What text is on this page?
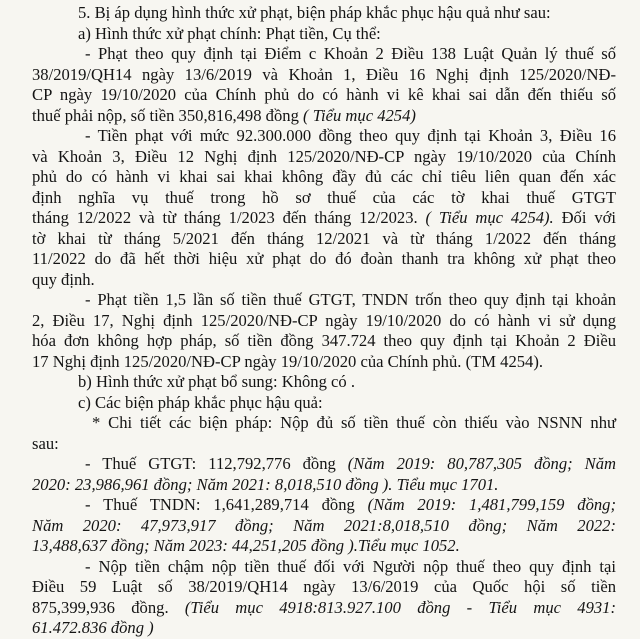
5. Bị áp dụng hình thức xử phạt, biện pháp khắc phục hậu quả như sau:
a) Hình thức xử phạt chính: Phạt tiền, Cụ thể:
- Phạt theo quy định tại Điểm c Khoản 2 Điều 138 Luật Quản lý thuế số
38/2019/QH14 ngày 13/6/2019 và Khoản 1, Điều 16 Nghị định 125/2020/NĐ-
CP ngày 19/10/2020 của Chính phủ do có hành vi kê khai sai dẫn đến thiếu số
thuế phải nộp, số tiền 350,816,498 đồng ( Tiểu mục 4254)
- Tiền phạt với mức 92.300.000 đồng theo quy định tại Khoản 3, Điều 16
và Khoản 3, Điều 12 Nghị định 125/2020/NĐ-CP ngày 19/10/2020 của Chính
phủ do có hành vi khai sai khai không đầy đủ các chỉ tiêu liên quan đến xác
định nghĩa vụ thuế trong hồ sơ thuế của các tờ khai thuế GTGT
tháng 12/2022 và từ tháng 1/2023 đến tháng 12/2023. ( Tiểu mục 4254). Đối với
tờ khai từ tháng 5/2021 đến tháng 12/2021 và từ tháng 1/2022 đến tháng
11/2022 do đã hết thời hiệu xử phạt do đó đoàn thanh tra không xử phạt theo
quy định.
- Phạt tiền 1,5 lần số tiền thuế GTGT, TNDN trốn theo quy định tại khoản
2, Điều 17, Nghị định 125/2020/NĐ-CP ngày 19/10/2020 do có hành vi sử dụng
hóa đơn không hợp pháp, số tiền đồng 347.724 theo quy định tại Khoản 2 Điều
17 Nghị định 125/2020/NĐ-CP ngày 19/10/2020 của Chính phủ. (TM 4254).
b) Hình thức xử phạt bổ sung: Không có .
c) Các biện pháp khắc phục hậu quả:
* Chi tiết các biện pháp: Nộp đủ số tiền thuế còn thiếu vào NSNN như
sau:
- Thuế GTGT: 112,792,776 đồng (Năm 2019: 80,787,305 đồng; Năm
2020: 23,986,961 đồng; Năm 2021: 8,018,510 đồng ). Tiểu mục 1701.
- Thuế TNDN: 1,641,289,714 đồng (Năm 2019: 1,481,799,159 đồng;
Năm 2020: 47,973,917 đồng; Năm 2021:8,018,510 đồng; Năm 2022:
13,488,637 đồng; Năm 2023: 44,251,205 đồng ).Tiểu mục 1052.
- Nộp tiền chậm nộp tiền thuế đối với Người nộp thuế theo quy định tại
Điều 59 Luật số 38/2019/QH14 ngày 13/6/2019 của Quốc hội số tiền
875,399,936 đồng. (Tiểu mục 4918:813.927.100 đồng - Tiểu mục 4931:
61.472.836 đồng )
